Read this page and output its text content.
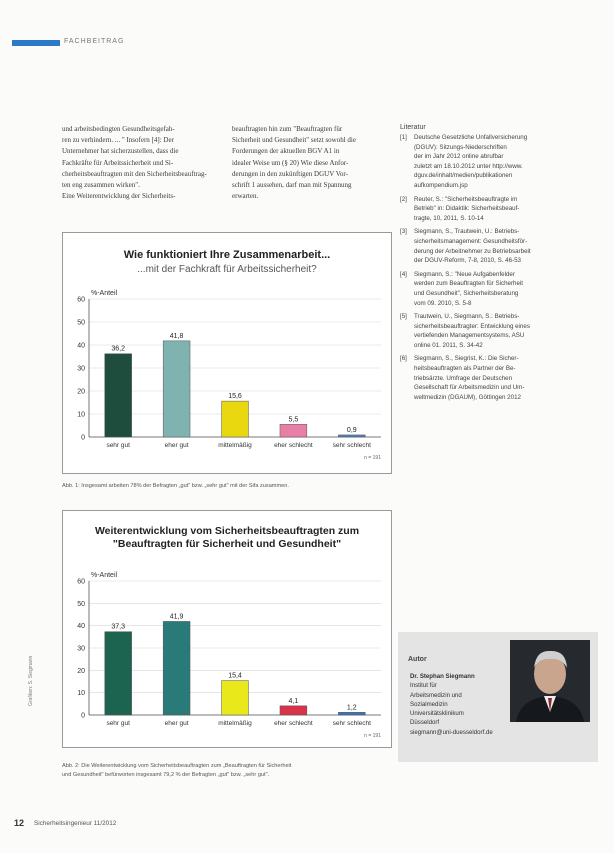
FACHBEITRAG

und arbeitsbedingten Gesundheitsgefah-

ren zu verhindern. ... " Insofern [4]: Der

Unternehmer hat sicherzustellen, dass die

Fachkräfte für Arbeitssicherheit und Si-

cherheitsbeauftragten mit den Sicherheitsbeauftrag-

ten eng zusammen wirken".

Eine Weiterentwicklung der Sicherheits-

beauftragten hin zum "Beauftragten für

Sicherheit und Gesundheit" setzt sowohl die

Forderungen der aktuellen BGV A1 in

idealer Weise um (§ 20) Wie diese Anfor-

derungen in den zukünftigen DGUV Vor-

schrift 1 aussehen, darf man mit Spannung

erwarten.

Literatur
[1]	Deutsche Gesetzliche Unfallversicherung
(DGUV): Sitzungs-Niederschriften
der im Jahr 2012 online abrufbar
zuletzt am 18.10.2012 unter http://www.
dguv.de/inhalt/medien/publikationen
aufkompendium.jsp
[2]	Reuter, S.: "Sicherheitsbeauftragte im
Betrieb" in: Didaktik: Sicherheitsbeauf-
tragte, 10, 2011, S. 10-14
[3]	Siegmann, S., Trautwein, U.: Betriebs-
sicherheitsmanagement: Gesundheitsför-
derung der Arbeitnehmer zu Betriebsarbeit
der DGUV-Reform, 7-8, 2010, S. 46-53
[4]	Siegmann, S.: "Neue Aufgabenfelder
werden zum Beauftragten für Sicherheit
und Gesundheit", Sicherheitsberatung
vom 09. 2010, S. 5-8
[5]	Trautwein, U., Siegmann, S.: Betriebs-
sicherheitsbeauftragter: Entwicklung eines
vertiefenden Managementsystems, ASU
online 01. 2011, S. 34-42
[6]	Siegmann, S., Siegrist, K.: Die Sicher-
heitsbeauftragten als Partner der Be-
triebsärzte. Umfrage der Deutschen
Gesellschaft für Arbeitsmedizin und Um-
weltmedizin (DGAUM), Göttingen 2012
Wie funktioniert Ihre Zusammenarbeit...
...mit der Fachkraft für Arbeitssicherheit?
%-Anteil
0
10
20
30
40
50
60
36,2
sehr gut
41,8
eher gut
15,6
mittelmäßig
5,5
eher schlecht
0,9
sehr schlecht
n = 191
Abb. 1: Insgesamt arbeiten 78% der Befragten „gut" bzw. „sehr gut" mit der Sifa zusammen.
Weiterentwicklung vom Sicherheitsbeauftragten zum "Beauftragten für Sicherheit und Gesundheit"
%-Anteil
0
10
20
30
40
50
60
37,3
sehr gut
41,9
eher gut
15,4
mittelmäßig
4,1
eher schlecht
1,2
sehr schlecht
n = 191
Abb. 2: Die Weiterentwicklung vom Sicherheitsbeauftragten zum „Beauftragten für Sicherheit
und Gesundheit" befürworten insgesamt 79,2 % der Befragten „gut" bzw. „sehr gut".
Grafiken: S. Siegmann	Autor
Dr. Stephan Siegmann
Institut für
Arbeitsmedizin und
Sozialmedizin
Universitätsklinikum
Düsseldorf
siegmann@uni-duesseldorf.de
12 Sicherheitsingenieur 11/2012
